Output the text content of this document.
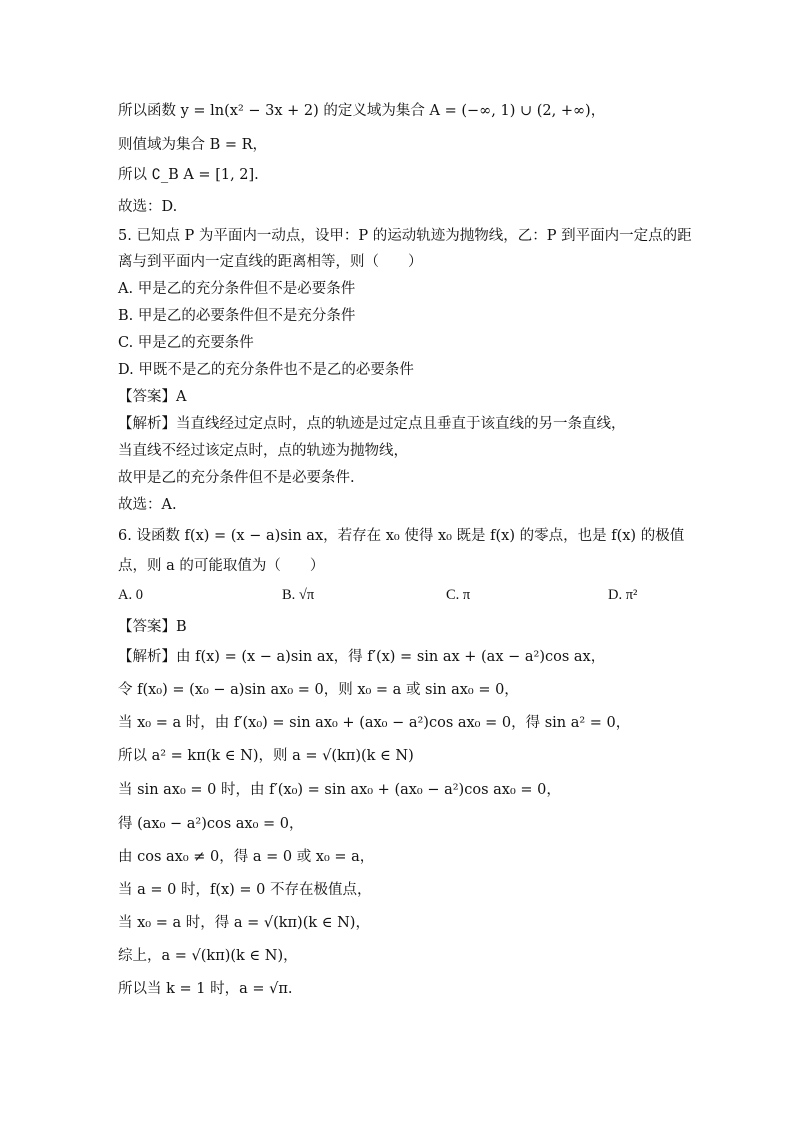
所以函数 y = ln(x² − 3x + 2) 的定义域为集合 A = (−∞, 1) ∪ (2, +∞)，
则值域为集合 B = R，
所以 ∁_B A = [1, 2].
故选：D.
5. 已知点 P 为平面内一动点，设甲：P 的运动轨迹为抛物线，乙：P 到平面内一定点的距
离与到平面内一定直线的距离相等，则（　　）
A. 甲是乙的充分条件但不是必要条件
B. 甲是乙的必要条件但不是充分条件
C. 甲是乙的充要条件
D. 甲既不是乙的充分条件也不是乙的必要条件
【答案】A
【解析】当直线经过定点时，点的轨迹是过定点且垂直于该直线的另一条直线，
当直线不经过该定点时，点的轨迹为抛物线，
故甲是乙的充分条件但不是必要条件.
故选：A.
6. 设函数 f(x) = (x − a)sin ax，若存在 x₀ 使得 x₀ 既是 f(x) 的零点，也是 f(x) 的极值
点，则 a 的可能取值为（　　）
A. 0	B. √π	C. π	D. π²
【答案】B
【解析】由 f(x) = (x − a)sin ax，得 f′(x) = sin ax + (ax − a²)cos ax，
令 f(x₀) = (x₀ − a)sin ax₀ = 0，则 x₀ = a 或 sin ax₀ = 0，
当 x₀ = a 时，由 f′(x₀) = sin ax₀ + (ax₀ − a²)cos ax₀ = 0，得 sin a² = 0，
所以 a² = kπ(k ∈ N)，则 a = √(kπ)(k ∈ N)
当 sin ax₀ = 0 时，由 f′(x₀) = sin ax₀ + (ax₀ − a²)cos ax₀ = 0，
得 (ax₀ − a²)cos ax₀ = 0，
由 cos ax₀ ≠ 0，得 a = 0 或 x₀ = a，
当 a = 0 时，f(x) = 0 不存在极值点，
当 x₀ = a 时，得 a = √(kπ)(k ∈ N)，
综上，a = √(kπ)(k ∈ N)，
所以当 k = 1 时，a = √π.
